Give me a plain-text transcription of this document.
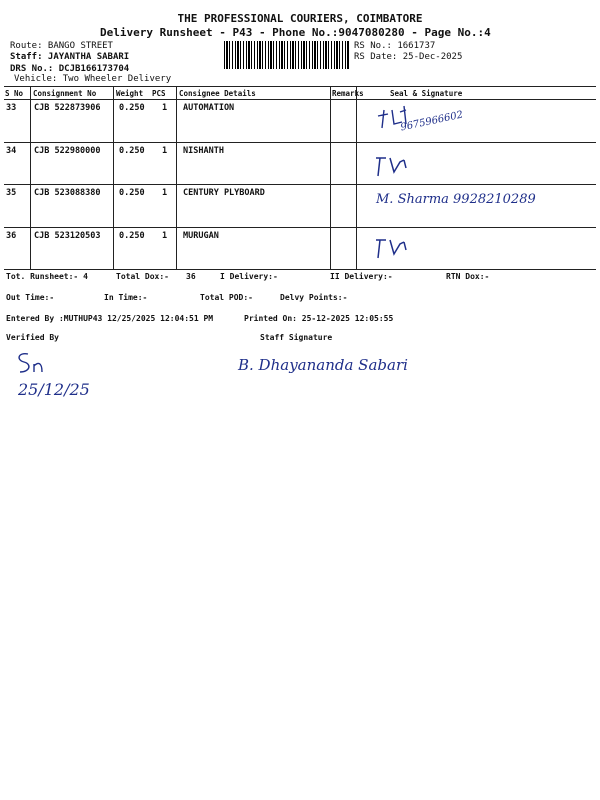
THE PROFESSIONAL COURIERS, COIMBATORE
Delivery Runsheet - P43 - Phone No.:9047080280 - Page No.:4
Route: BANGO STREET
Staff: JAYANTHA SABARI
DRS No.: DCJB166173704
Vehicle: Two Wheeler Delivery
RS No.: 1661737
RS Date: 25-Dec-2025
S No Consignment No	Weight PCS Consignee Details	Remarks	Seal & Signature
33 CJB 522873906 0.250 1 AUTOMATION
9675966602
34 CJB 522980000 0.250 1 NISHANTH
35 CJB 523088380 0.250 1 CENTURY PLYBOARD	M. Sharma 9928210289
36 CJB 523120503 0.250 1 MURUGAN
Tot. Runsheet:- 4	Total Dox:- 36	I Delivery:-	II Delivery:-	RTN Dox:-
Out Time:-	In Time:-	Total POD:-	Delvy Points:-
Entered By :MUTHUP43 12/25/2025 12:04:51 PM	Printed On: 25-12-2025 12:05:55
Verified By	Staff Signature
25/12/25
B. Dhayananda Sabari
